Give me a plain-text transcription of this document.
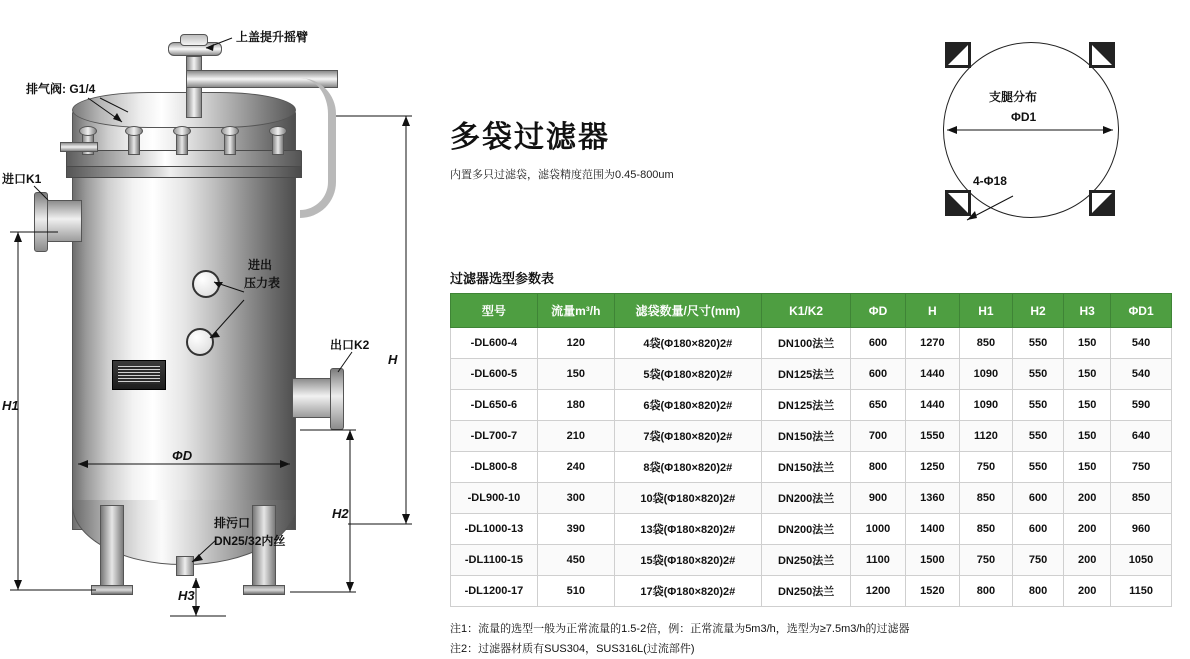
上盖提升摇臂
排气阀: G1/4
进口K1
出口K2
进出
压力表
排污口
DN25/32内丝
H
H1
H2
H3
ΦD
多袋过滤器
内置多只过滤袋，滤袋精度范围为0.45-800um
支腿分布
ΦD1
4-Φ18
过滤器选型参数表
型号	流量m³/h	滤袋数量/尺寸(mm)	K1/K2	ΦD	H	H1	H2	H3	ΦD1
-DL600-4	120	4袋(Φ180×820)2#	DN100法兰	600	1270	850	550	150	540
-DL600-5	150	5袋(Φ180×820)2#	DN125法兰	600	1440	1090	550	150	540
-DL650-6	180	6袋(Φ180×820)2#	DN125法兰	650	1440	1090	550	150	590
-DL700-7	210	7袋(Φ180×820)2#	DN150法兰	700	1550	1120	550	150	640
-DL800-8	240	8袋(Φ180×820)2#	DN150法兰	800	1250	750	550	150	750
-DL900-10	300	10袋(Φ180×820)2#	DN200法兰	900	1360	850	600	200	850
-DL1000-13	390	13袋(Φ180×820)2#	DN200法兰	1000	1400	850	600	200	960
-DL1100-15	450	15袋(Φ180×820)2#	DN250法兰	1100	1500	750	750	200	1050
-DL1200-17	510	17袋(Φ180×820)2#	DN250法兰	1200	1520	800	800	200	1150
注1：流量的选型一般为正常流量的1.5-2倍，例：正常流量为5m3/h，选型为≥7.5m3/h的过滤器
注2：过滤器材质有SUS304，SUS316L(过流部件)
